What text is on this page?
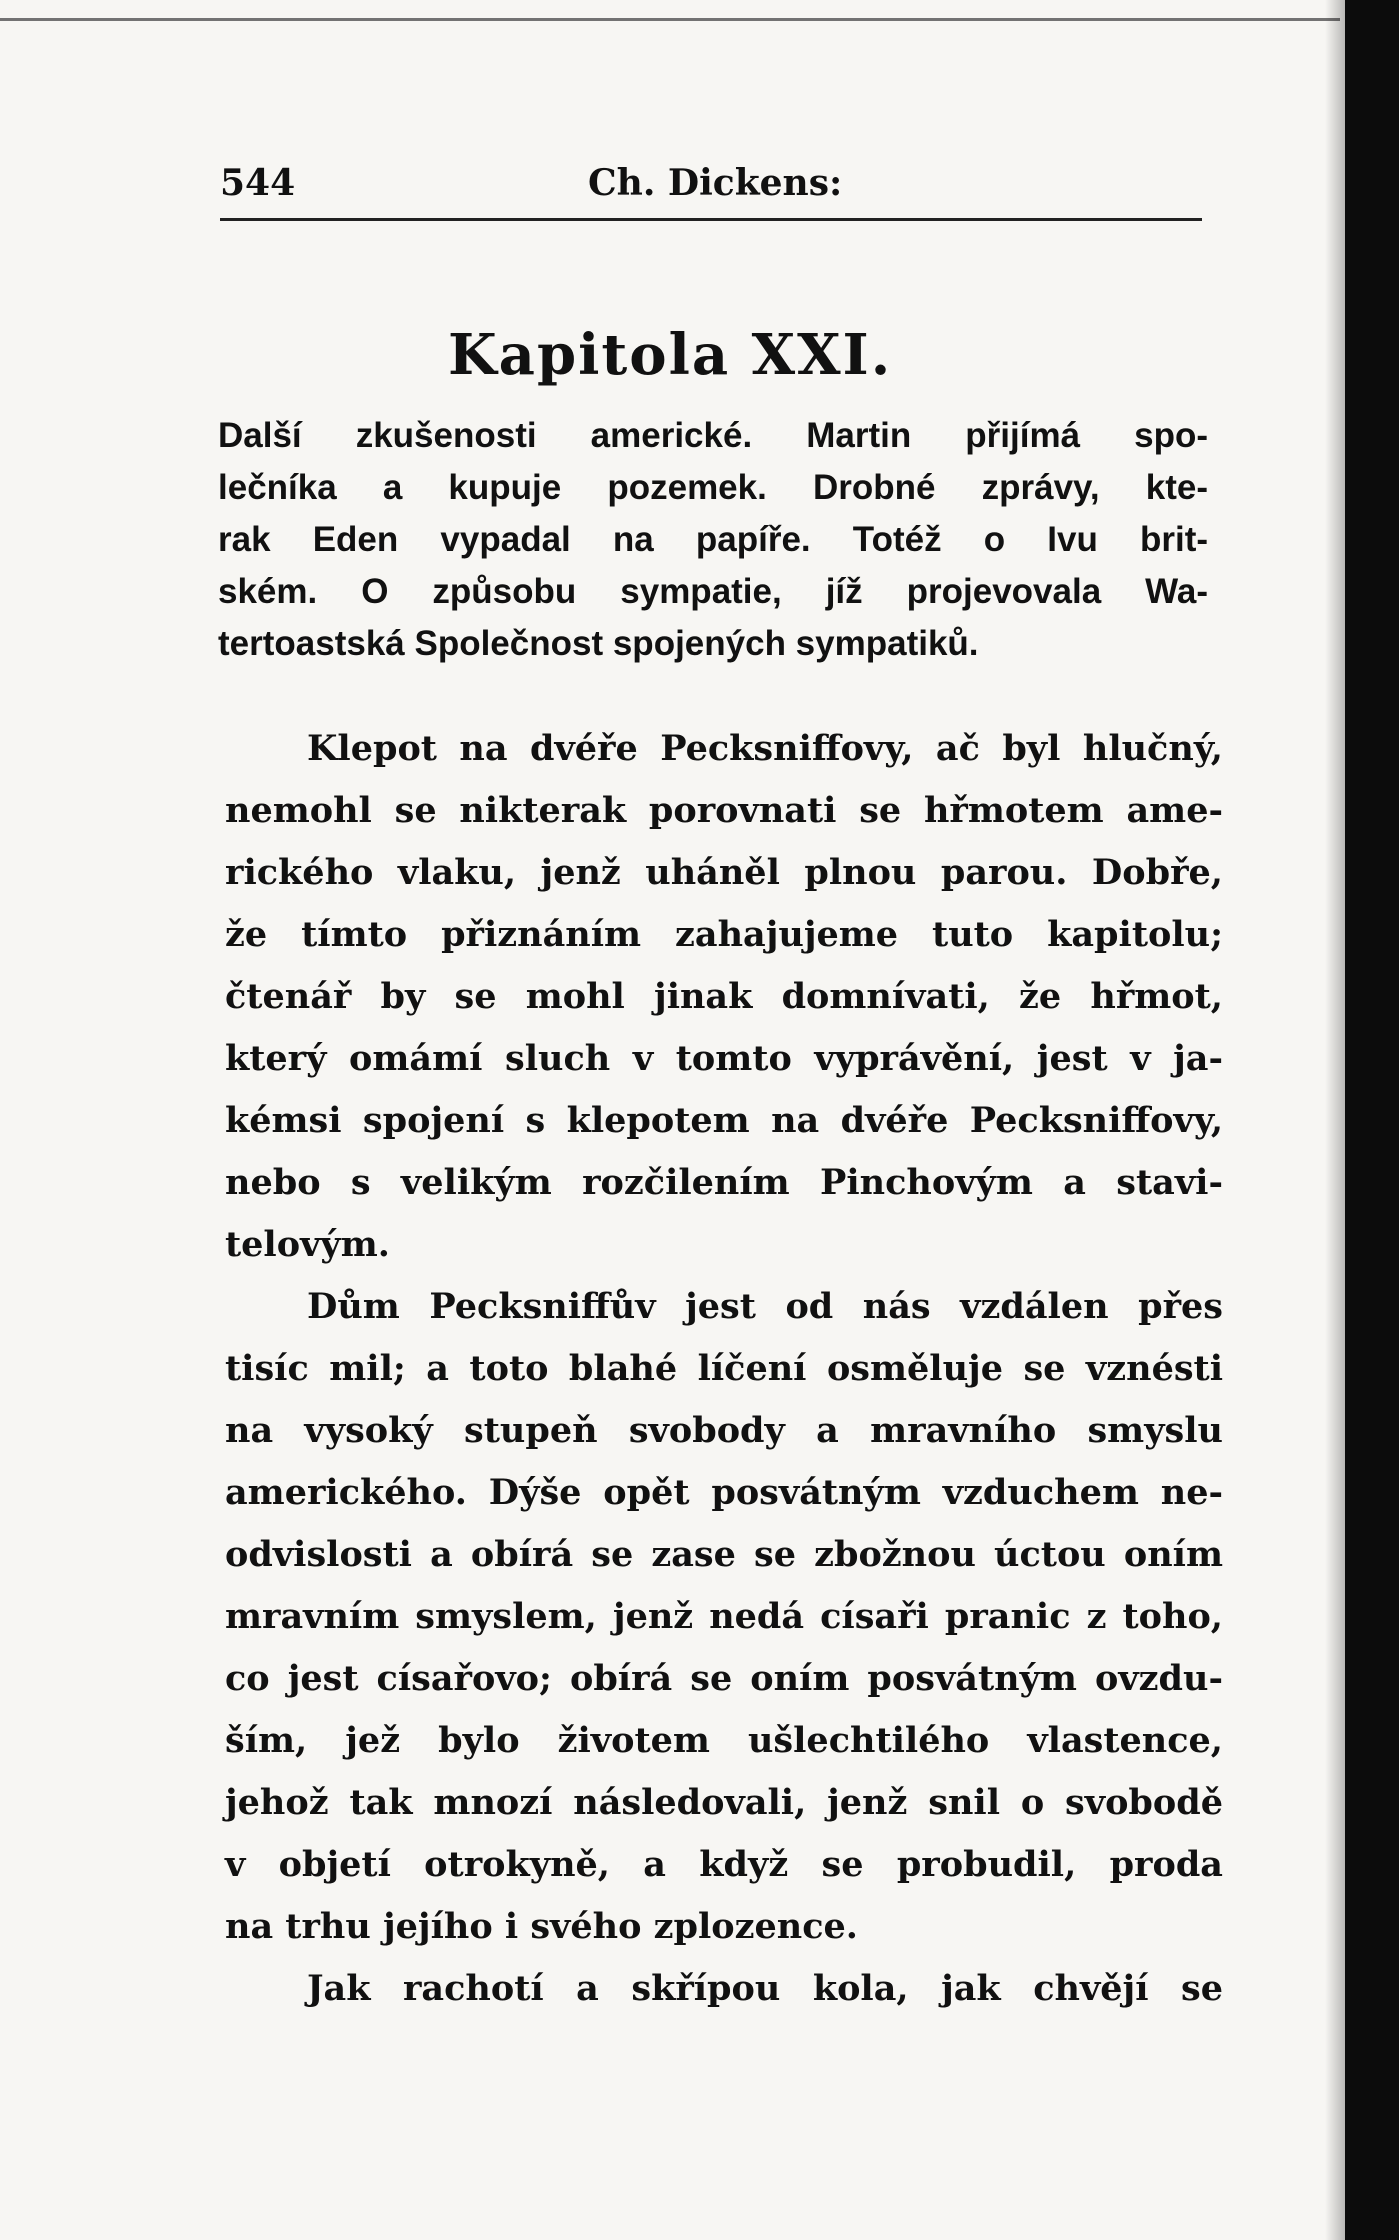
544	Ch. Dickens:
Kapitola XXI.
Další zkušenosti americké. Martin přijímá spo-
lečníka a kupuje pozemek. Drobné zprávy, kte-
rak Eden vypadal na papíře. Totéž o Ivu brit-
ském. O způsobu sympatie, jíž projevovala Wa-
tertoastská Společnost spojených sympatiků.
Klepot na dvéře Pecksniffovy, ač byl hlučný,
nemohl se nikterak porovnati se hřmotem ame-
rického vlaku, jenž uháněl plnou parou. Dobře,
že tímto přiznáním zahajujeme tuto kapitolu;
čtenář by se mohl jinak domnívati, že hřmot,
který omámí sluch v tomto vyprávění, jest v ja-
kémsi spojení s klepotem na dvéře Pecksniffovy,
nebo s velikým rozčilením Pinchovým a stavi-
telovým.
Dům Pecksniffův jest od nás vzdálen přes
tisíc mil; a toto blahé líčení osměluje se vznésti
na vysoký stupeň svobody a mravního smyslu
amerického. Dýše opět posvátným vzduchem ne-
odvislosti a obírá se zase se zbožnou úctou oním
mravním smyslem, jenž nedá císaři pranic z toho,
co jest císařovo; obírá se oním posvátným ovzdu-
ším, jež bylo životem ušlechtilého vlastence,
jehož tak mnozí následovali, jenž snil o svobodě
v objetí otrokyně, a když se probudil, proda
na trhu jejího i svého zplozence.
Jak rachotí a skřípou kola, jak chvějí se
